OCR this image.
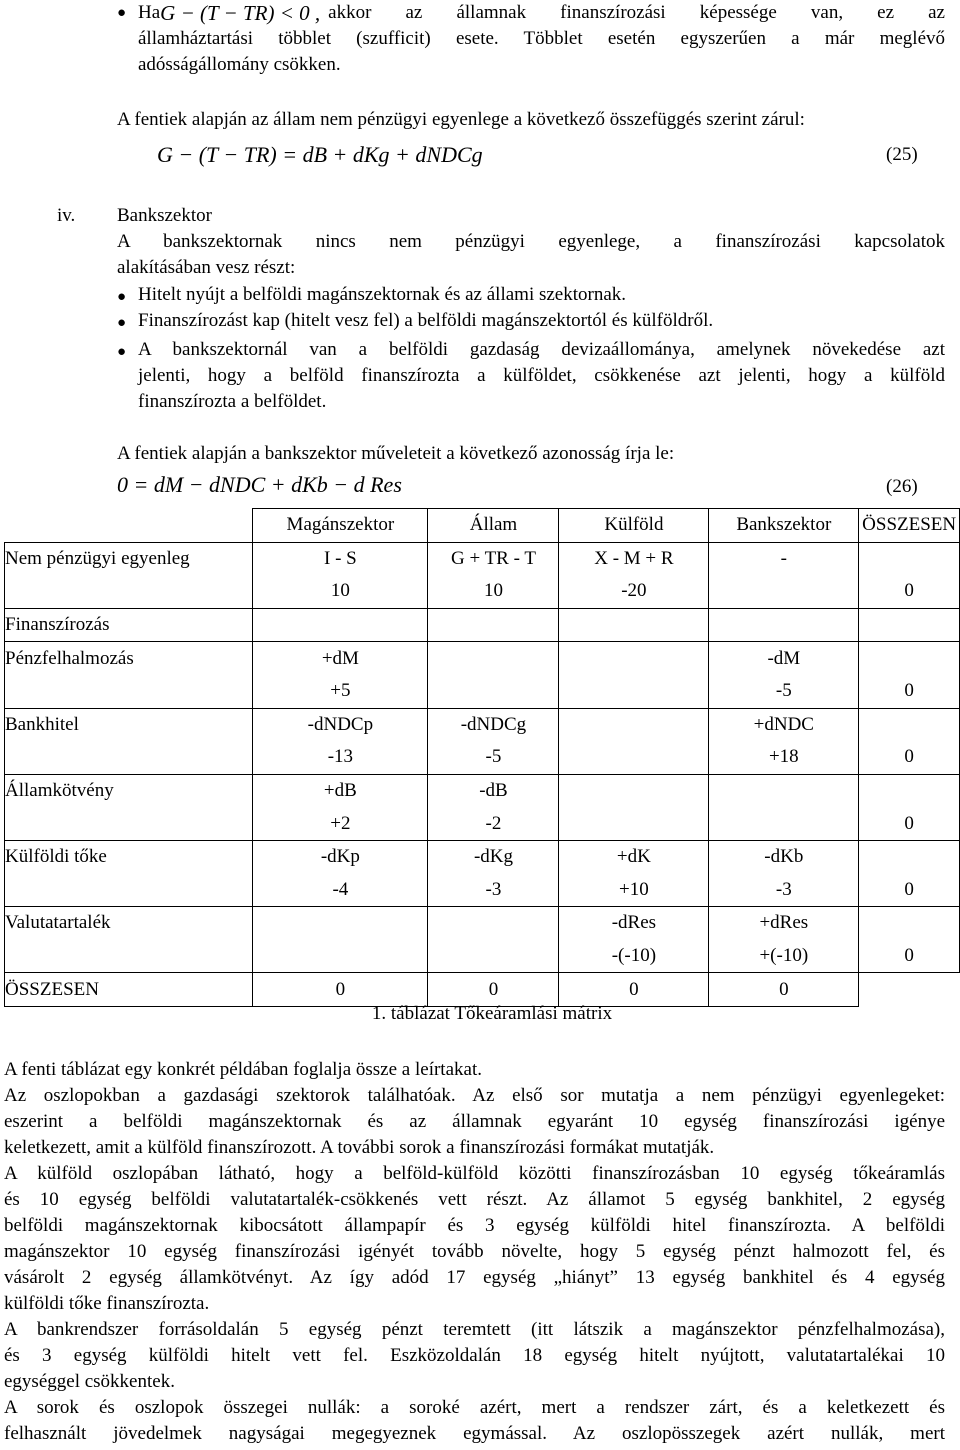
● Ha G − (T − TR) < 0 , akkor az államnak finanszírozási képessége van, ez az
államháztartási többlet (szufficit) esete. Többlet esetén egyszerűen a már meglévő
adósságállomány csökken.
A fentiek alapján az állam nem pénzügyi egyenlege a következő összefüggés szerint zárul:
G − (T − TR) = dB + dKg + dNDCg	(25)
iv. Bankszektor
A bankszektornak nincs nem pénzügyi egyenlege, a finanszírozási kapcsolatok
alakításában vesz részt:
● Hitelt nyújt a belföldi magánszektornak és az állami szektornak.
● Finanszírozást kap (hitelt vesz fel) a belföldi magánszektortól és külföldről.
● A bankszektornál van a belföldi gazdaság devizaállománya, amelynek növekedése azt
jelenti, hogy a belföld finanszírozta a külföldet, csökkenése azt jelenti, hogy a külföld
finanszírozta a belföldet.
A fentiek alapján a bankszektor műveleteit a következő azonosság írja le:
0 = dM − dNDC + dKb − d Res	(26)
	Magánszektor	Állam	Külföld	Bankszektor	ÖSSZESEN
Nem pénzügyi egyenleg	I - S	G + TR - T	X - M + R	-	
	10	10	-20		0
Finanszírozás					
Pénzfelhalmozás	+dM			-dM	
	+5			-5	0
Bankhitel	-dNDCp	-dNDCg		+dNDC	
	-13	-5		+18	0
Államkötvény	+dB	-dB			
	+2	-2			0
Külföldi tőke	-dKp	-dKg	+dK	-dKb	
	-4	-3	+10	-3	0
Valutatartalék			-dRes	+dRes	
			-(-10)	+(-10)	0
ÖSSZESEN	0	0	0	0	
1. táblázat Tőkeáramlási mátrix
A fenti táblázat egy konkrét példában foglalja össze a leírtakat.
Az oszlopokban a gazdasági szektorok találhatóak. Az első sor mutatja a nem pénzügyi egyenlegeket:
eszerint a belföldi magánszektornak és az államnak egyaránt 10 egység finanszírozási igénye
keletkezett, amit a külföld finanszírozott. A további sorok a finanszírozási formákat mutatják.
A külföld oszlopában látható, hogy a belföld-külföld közötti finanszírozásban 10 egység tőkeáramlás
és 10 egység belföldi valutatartalék-csökkenés vett részt. Az államot 5 egység bankhitel, 2 egység
belföldi magánszektornak kibocsátott állampapír és 3 egység külföldi hitel finanszírozta. A belföldi
magánszektor 10 egység finanszírozási igényét tovább növelte, hogy 5 egység pénzt halmozott fel, és
vásárolt 2 egység államkötvényt. Az így adód 17 egység „hiányt” 13 egység bankhitel és 4 egység
külföldi tőke finanszírozta.
A bankrendszer forrásoldalán 5 egység pénzt teremtett (itt látszik a magánszektor pénzfelhalmozása),
és 3 egység külföldi hitelt vett fel. Eszközoldalán 18 egység hitelt nyújtott, valutatartalékai 10
egységgel csökkentek.
A sorok és oszlopok összegei nullák: a soroké azért, mert a rendszer zárt, és a keletkezett és
felhasznált jövedelmek nagyságai megegyeznek egymással. Az oszlopösszegek azért nullák, mert
